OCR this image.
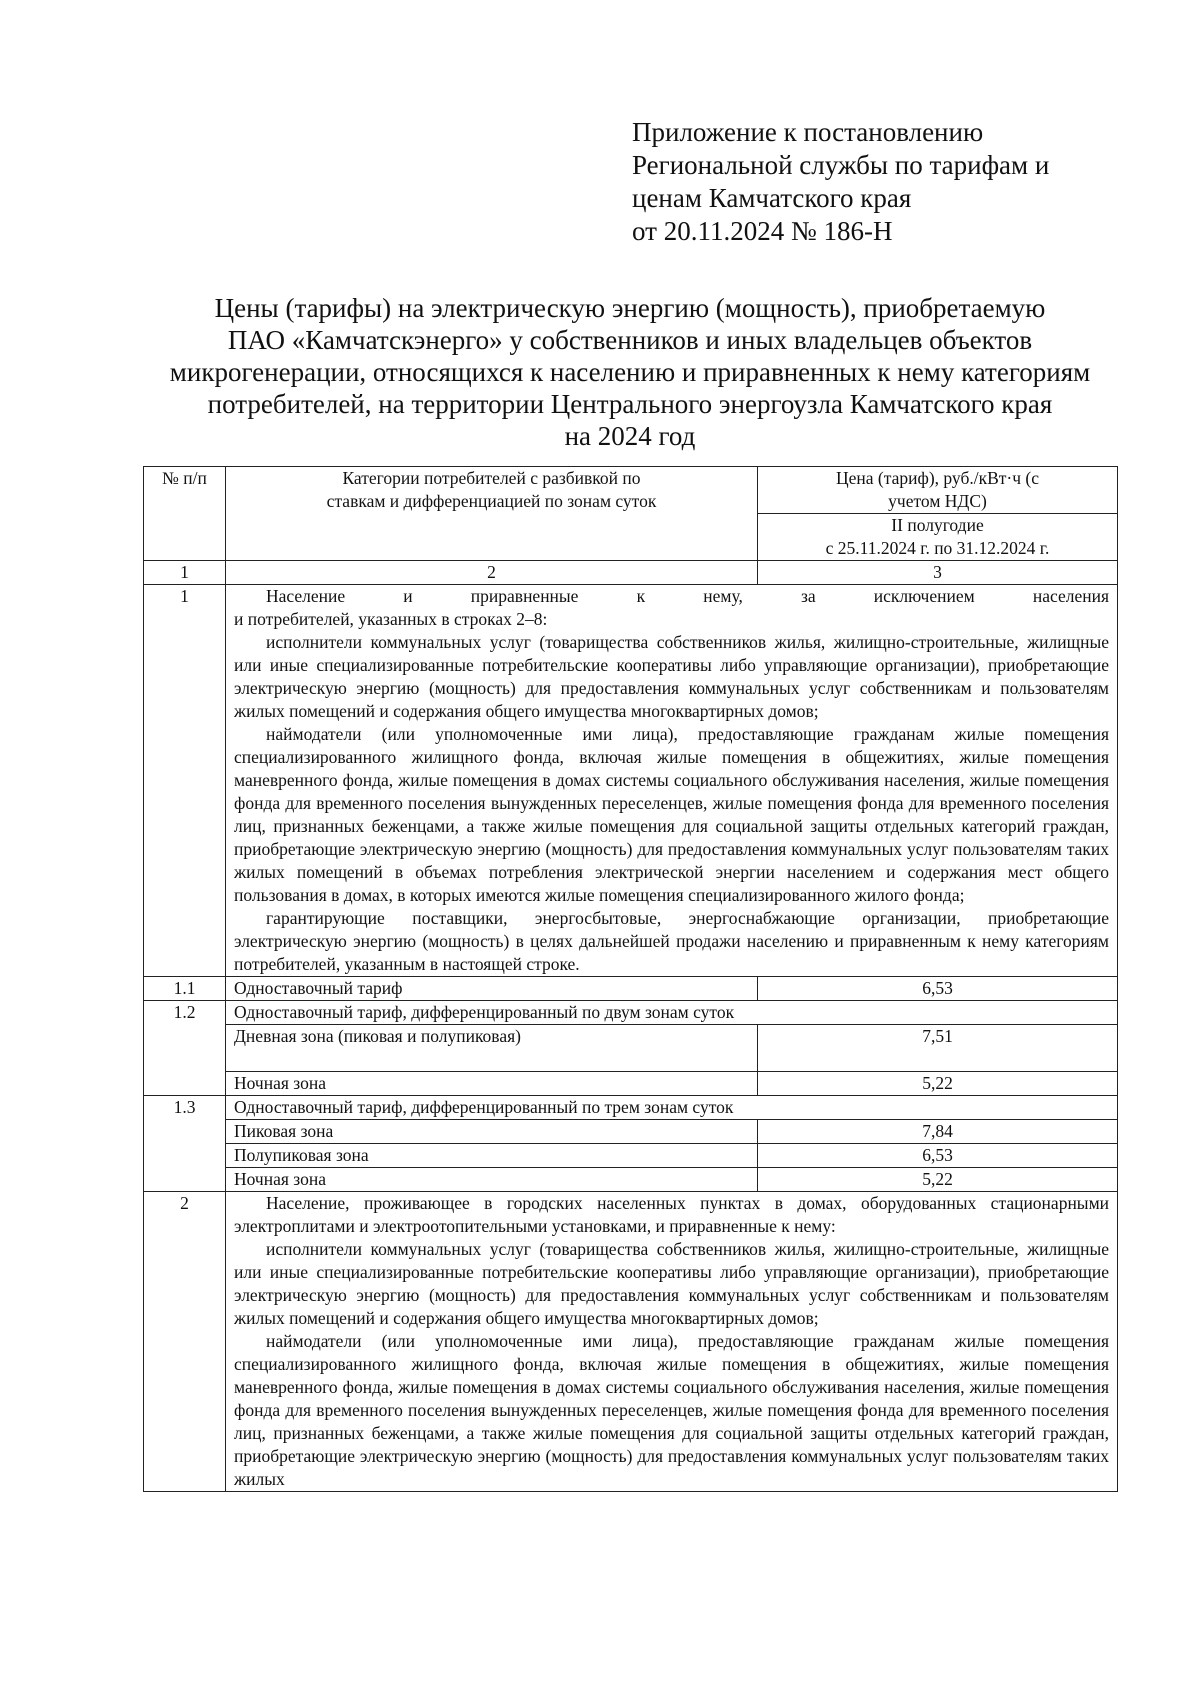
Приложение к постановлению
Региональной службы по тарифам и
ценам Камчатского края
от 20.11.2024 № 186-Н
Цены (тарифы) на электрическую энергию (мощность), приобретаемую
ПАО «Камчатскэнерго» у собственников и иных владельцев объектов
микрогенерации, относящихся к населению и приравненных к нему категориям
потребителей, на территории Центрального энергоузла Камчатского края
на 2024 год
№ п/п	Категории потребителей с разбивкой по ставкам и дифференциацией по зонам суток	Цена (тариф), руб./кВт·ч (с учетом НДС)

		II полугодие
с 25.11.2024 г. по 31.12.2024 г.

1	2	3
1	Население и приравненные к нему, за исключением населения

и потребителей, указанных в строках 2–8:

исполнители коммунальных услуг (товарищества собственников жилья, жилищно-строительные, жилищные или иные специализированные потребительские кооперативы либо управляющие организации), приобретающие электрическую энергию (мощность) для предоставления коммунальных услуг собственникам и пользователям жилых помещений и содержания общего имущества многоквартирных домов;

наймодатели (или уполномоченные ими лица), предоставляющие гражданам жилые помещения специализированного жилищного фонда, включая жилые помещения в общежитиях, жилые помещения маневренного фонда, жилые помещения в домах системы социального обслуживания населения, жилые помещения фонда для временного поселения вынужденных переселенцев, жилые помещения фонда для временного поселения лиц, признанных беженцами, а также жилые помещения для социальной защиты отдельных категорий граждан, приобретающие электрическую энергию (мощность) для предоставления коммунальных услуг пользователям таких жилых помещений в объемах потребления электрической энергии населением и содержания мест общего пользования в домах, в которых имеются жилые помещения специализированного жилого фонда;

гарантирующие поставщики, энергосбытовые, энергоснабжающие организации, приобретающие электрическую энергию (мощность) в целях дальнейшей продажи населению и приравненным к нему категориям потребителей, указанным в настоящей строке.	

1.1	Одноставочный тариф	6,53
1.2	Одноставочный тариф, дифференцированный по двум зонам суток	
	Дневная зона (пиковая и полупиковая)	7,51
	Ночная зона	5,22
1.3	Одноставочный тариф, дифференцированный по трем зонам суток	
	Пиковая зона	7,84
	Полупиковая зона	6,53
	Ночная зона	5,22
2	Население, проживающее в городских населенных пунктах в домах, оборудованных стационарными электроплитами и электроотопительными установками, и приравненные к нему:

исполнители коммунальных услуг (товарищества собственников жилья, жилищно-строительные, жилищные или иные специализированные потребительские кооперативы либо управляющие организации), приобретающие электрическую энергию (мощность) для предоставления коммунальных услуг собственникам и пользователям жилых помещений и содержания общего имущества многоквартирных домов;

наймодатели (или уполномоченные ими лица), предоставляющие гражданам жилые помещения специализированного жилищного фонда, включая жилые помещения в общежитиях, жилые помещения маневренного фонда, жилые помещения в домах системы социального обслуживания населения, жилые помещения фонда для временного поселения вынужденных переселенцев, жилые помещения фонда для временного поселения лиц, признанных беженцами, а также жилые помещения для социальной защиты отдельных категорий граждан, приобретающие электрическую энергию (мощность) для предоставления коммунальных услуг пользователям таких жилых	
